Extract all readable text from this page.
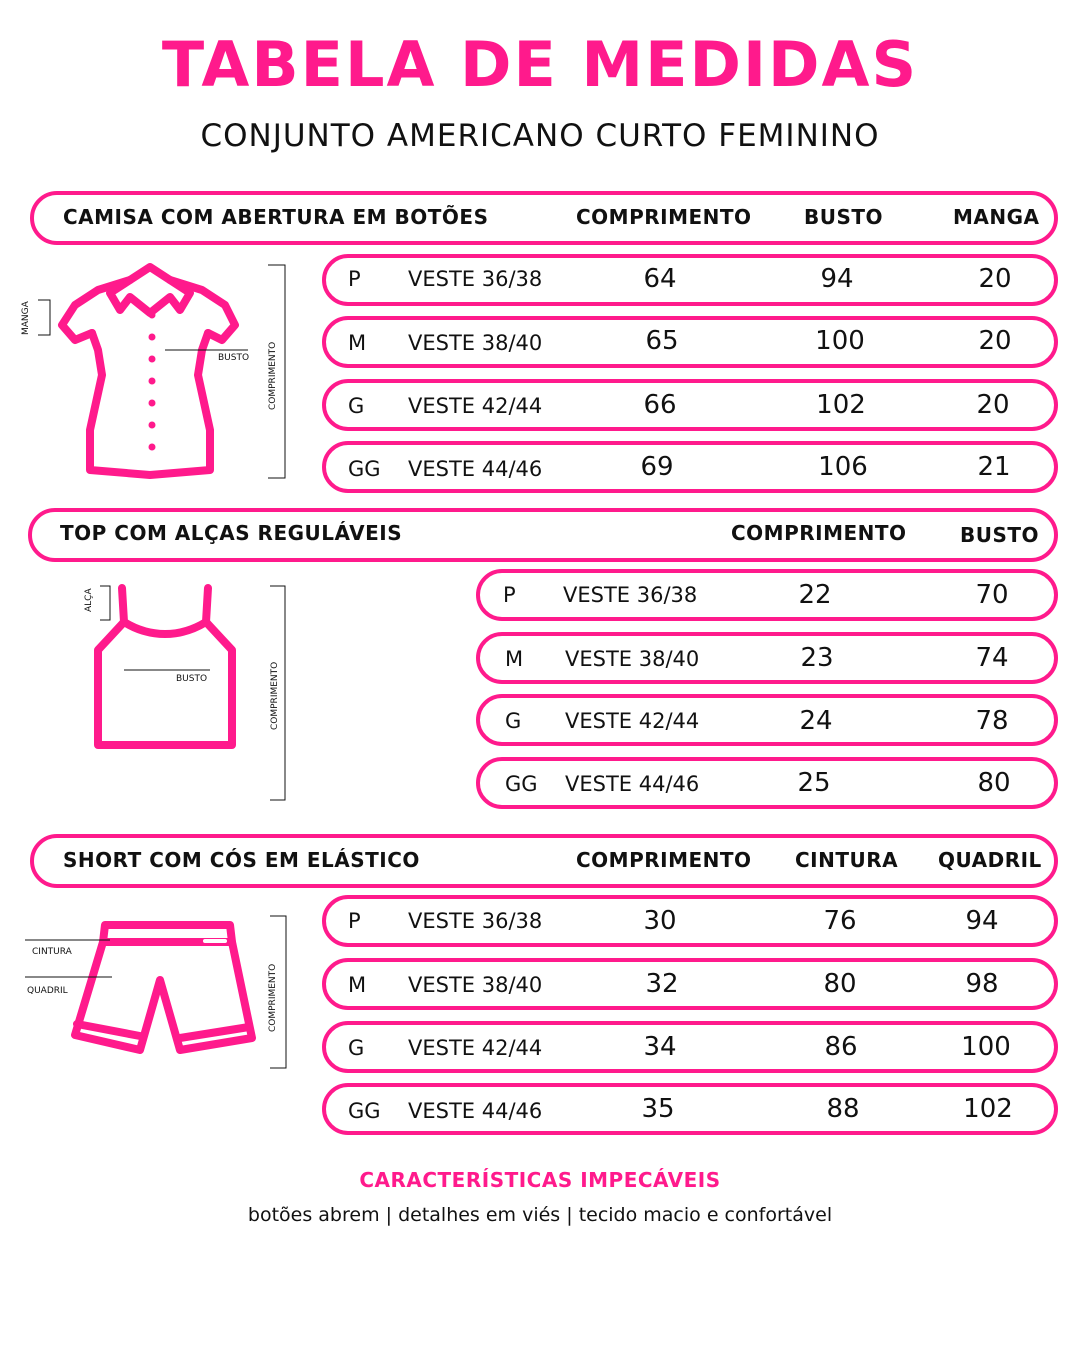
TABELA DE MEDIDAS
CONJUNTO AMERICANO CURTO FEMININO
CAMISA COM ABERTURA EM BOTÕES	COMPRIMENTO	BUSTO	MANGA
MANGA
BUSTO COMPRIMENTO
P VESTE 36/38	64	94	20
M VESTE 38/40	65	100	20
G VESTE 42/44	66	102	20
GG VESTE 44/46	69	106	21
TOP COM ALÇAS REGULÁVEIS	COMPRIMENTO	BUSTO
ALÇA
BUSTO	COMPRIMENTO
P VESTE 36/38	22	70
M VESTE 38/40	23	74
G VESTE 42/44	24	78
GG VESTE 44/46	25	80
SHORT COM CÓS EM ELÁSTICO	COMPRIMENTO CINTURA QUADRIL
CINTURA
QUADRIL	COMPRIMENTO
P VESTE 36/38	30	76	94
M VESTE 38/40	32	80	98
G VESTE 42/44	34	86	100
GG VESTE 44/46	35	88	102
CARACTERÍSTICAS IMPECÁVEIS
botões abrem | detalhes em viés | tecido macio e confortável
